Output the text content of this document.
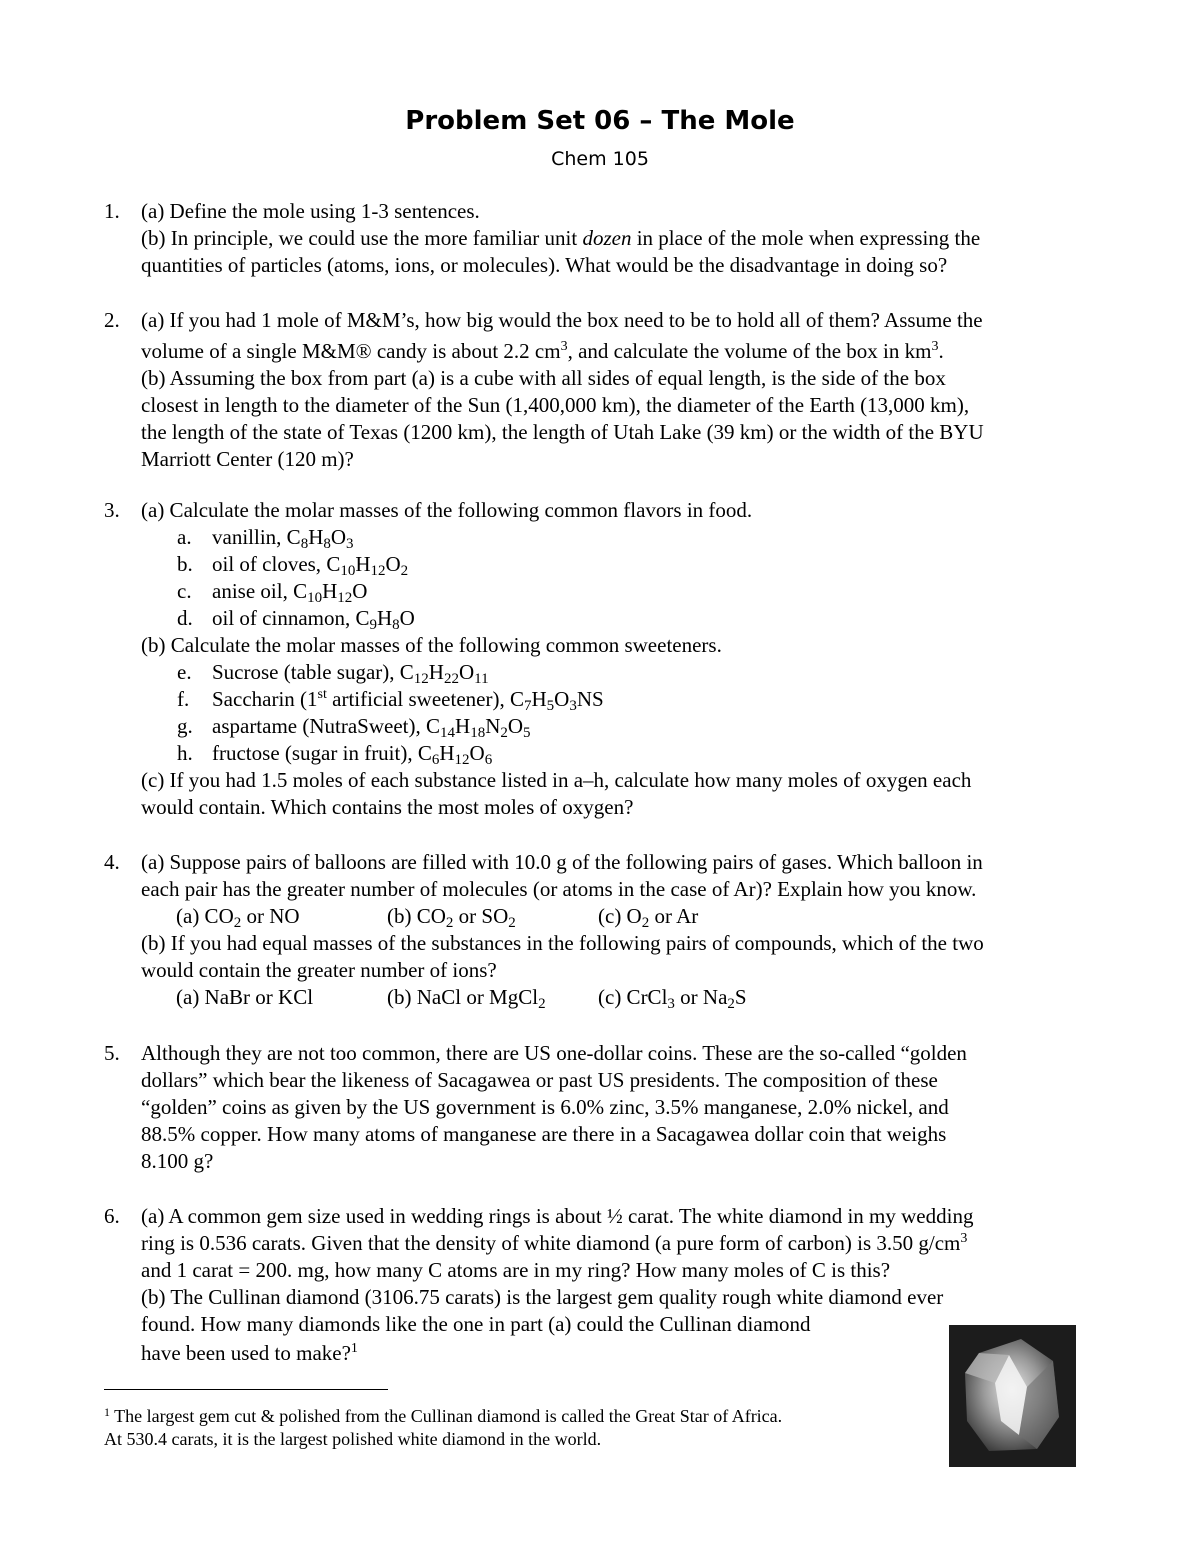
Problem Set 06 – The Mole
Chem 105
1. (a) Define the mole using 1-3 sentences.
(b) In principle, we could use the more familiar unit dozen in place of the mole when expressing the
quantities of particles (atoms, ions, or molecules). What would be the disadvantage in doing so?
2. (a) If you had 1 mole of M&M’s, how big would the box need to be to hold all of them? Assume the
volume of a single M&M® candy is about 2.2 $cm^3$, and calculate the volume of the box in $km^3$.
(b) Assuming the box from part (a) is a cube with all sides of equal length, is the side of the box
closest in length to the diameter of the Sun (1,400,000 km), the diameter of the Earth (13,000 km),
the length of the state of Texas (1200 km), the length of Utah Lake (39 km) or the width of the BYU
Marriott Center (120 m)?
3. (a) Calculate the molar masses of the following common flavors in food.
a. vanillin, $C_8H_8O_3$
b. oil of cloves, $C_{10}H_{12}O_2$
c. anise oil, $C_{10}H_{12}O$
d. oil of cinnamon, $C_9H_8O$
(b) Calculate the molar masses of the following common sweeteners.
e. Sucrose (table sugar), $C_{12}H_{22}O_{11}$
f. Saccharin (1st artificial sweetener), $C_7H_5O_3NS$
g. aspartame (NutraSweet), $C_{14}H_{18}N_2O_5$
h. fructose (sugar in fruit), $C_6H_{12}O_6$
(c) If you had 1.5 moles of each substance listed in a–h, calculate how many moles of oxygen each
would contain. Which contains the most moles of oxygen?
4. (a) Suppose pairs of balloons are filled with 10.0 g of the following pairs of gases. Which balloon in
each pair has the greater number of molecules (or atoms in the case of Ar)? Explain how you know.
(a) $CO_2$ or NO	(b) $CO_2$ or $SO_2$	(c) $O_2$ or Ar
(b) If you had equal masses of the substances in the following pairs of compounds, which of the two
would contain the greater number of ions?
(a) NaBr or KCl	(b) NaCl or MgCl$_2$ (c) CrCl$_3$ or $Na_2S$
5. Although they are not too common, there are US one-dollar coins. These are the so-called “golden
dollars” which bear the likeness of Sacagawea or past US presidents. The composition of these
“golden” coins as given by the US government is 6.0% zinc, 3.5% manganese, 2.0% nickel, and
88.5% copper. How many atoms of manganese are there in a Sacagawea dollar coin that weighs
8.100 g?
6. (a) A common gem size used in wedding rings is about ½ carat. The white diamond in my wedding
ring is 0.536 carats. Given that the density of white diamond (a pure form of carbon) is 3.50 $g/cm^3$
and 1 carat = 200. mg, how many C atoms are in my ring? How many moles of C is this?
(b) The Cullinan diamond (3106.75 carats) is the largest gem quality rough white diamond ever
found. How many diamonds like the one in part (a) could the Cullinan diamond
have been used to make?$^1$
$^1$ The largest gem cut & polished from the Cullinan diamond is called the Great Star of Africa.
At 530.4 carats, it is the largest polished white diamond in the world.
